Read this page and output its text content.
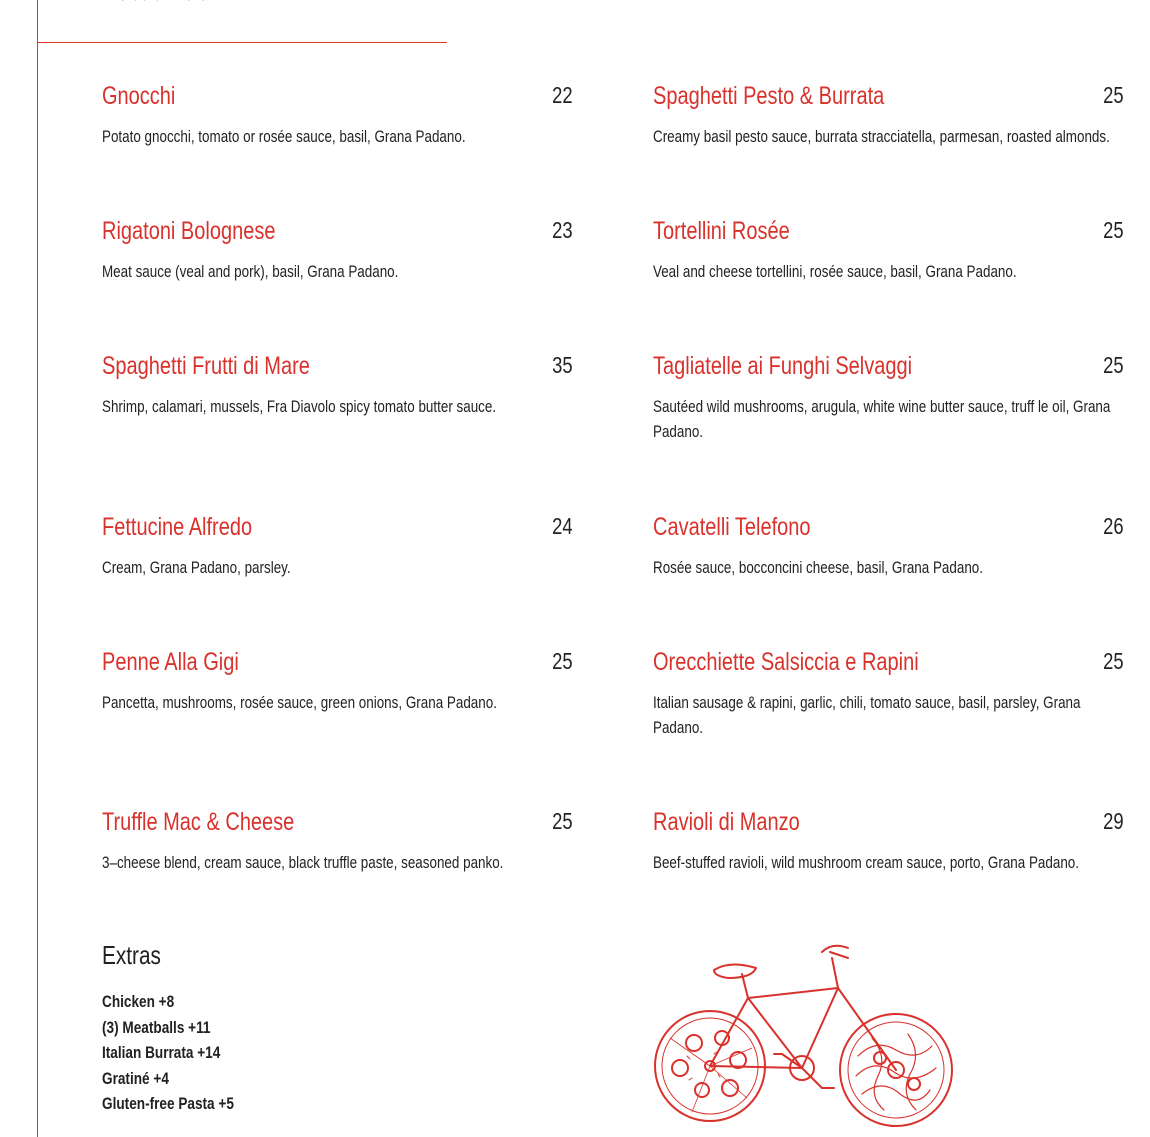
Gnocchi	22
Potato gnocchi, tomato or rosée sauce, basil, Grana Padano.
Rigatoni Bolognese	23
Meat sauce (veal and pork), basil, Grana Padano.
Spaghetti Frutti di Mare	35
Shrimp, calamari, mussels, Fra Diavolo spicy tomato butter sauce.
Fettucine Alfredo	24
Cream, Grana Padano, parsley.
Penne Alla Gigi	25
Pancetta, mushrooms, rosée sauce, green onions, Grana Padano.
Truffle Mac & Cheese	25
3–cheese blend, cream sauce, black truffle paste, seasoned panko.
Spaghetti Pesto & Burrata	25
Creamy basil pesto sauce, burrata stracciatella, parmesan, roasted almonds.
Tortellini Rosée	25
Veal and cheese tortellini, rosée sauce, basil, Grana Padano.
Tagliatelle ai Funghi Selvaggi	25
Sautéed wild mushrooms, arugula, white wine butter sauce, truff le oil, Grana Padano.
Cavatelli Telefono	26
Rosée sauce, bocconcini cheese, basil, Grana Padano.
Orecchiette Salsiccia e Rapini	25
Italian sausage & rapini, garlic, chili, tomato sauce, basil, parsley, Grana Padano.
Ravioli di Manzo	29
Beef-stuffed ravioli, wild mushroom cream sauce, porto, Grana Padano.
Extras
Chicken +8
(3) Meatballs +11
Italian Burrata +14
Gratiné +4
Gluten-free Pasta +5
